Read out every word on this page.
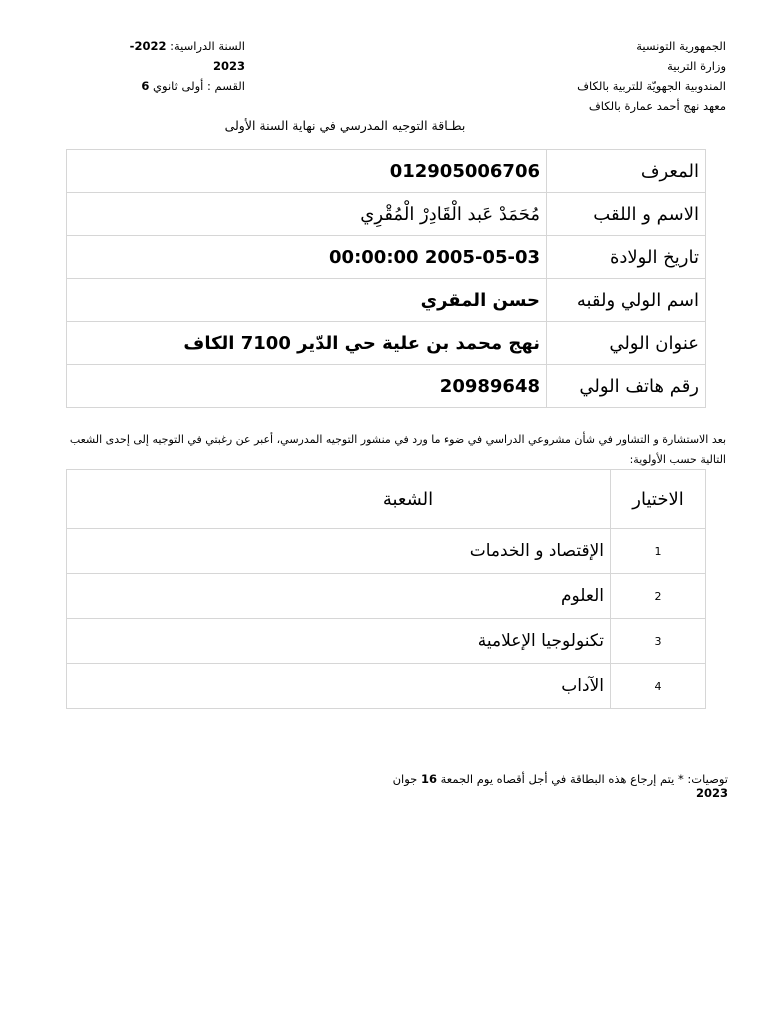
الجمهورية التونسية
وزارة التربية
المندوبية الجهويّة للتربية بالكاف
معهد نهج أحمد عمارة بالكاف
السنة الدراسية: 2022-2023
القسم : أولى ثانوي 6
بطـاقة التوجيه المدرسي في نهاية السنة الأولى
المعرف	012905006706
الاسم و اللقب	مُحَمَدْ عَبد الْقَادِرْ الْمُقْرِي
تاريخ الولادة	2005-05-03 00:00:00
اسم الولي ولقبه	حسن المقري
عنوان الولي	نهج محمد بن علية حي الدّير 7100 الكاف
رقم هاتف الولي	20989648
بعد الاستشارة و التشاور في شأن مشروعي الدراسي في ضوء ما ورد في منشور التوجيه المدرسي، أعبر عن رغبتي في التوجيه إلى إحدى الشعب التالية حسب الأولوية:
الاختيار	الشعبة
1	الإقتصاد و الخدمات
2	العلوم
3	تكنولوجيا الإعلامية
4	الآداب
توصيات: * يتم إرجاع هذه البطاقة في أجل أقصاه يوم الجمعة 16 جوان 2023
